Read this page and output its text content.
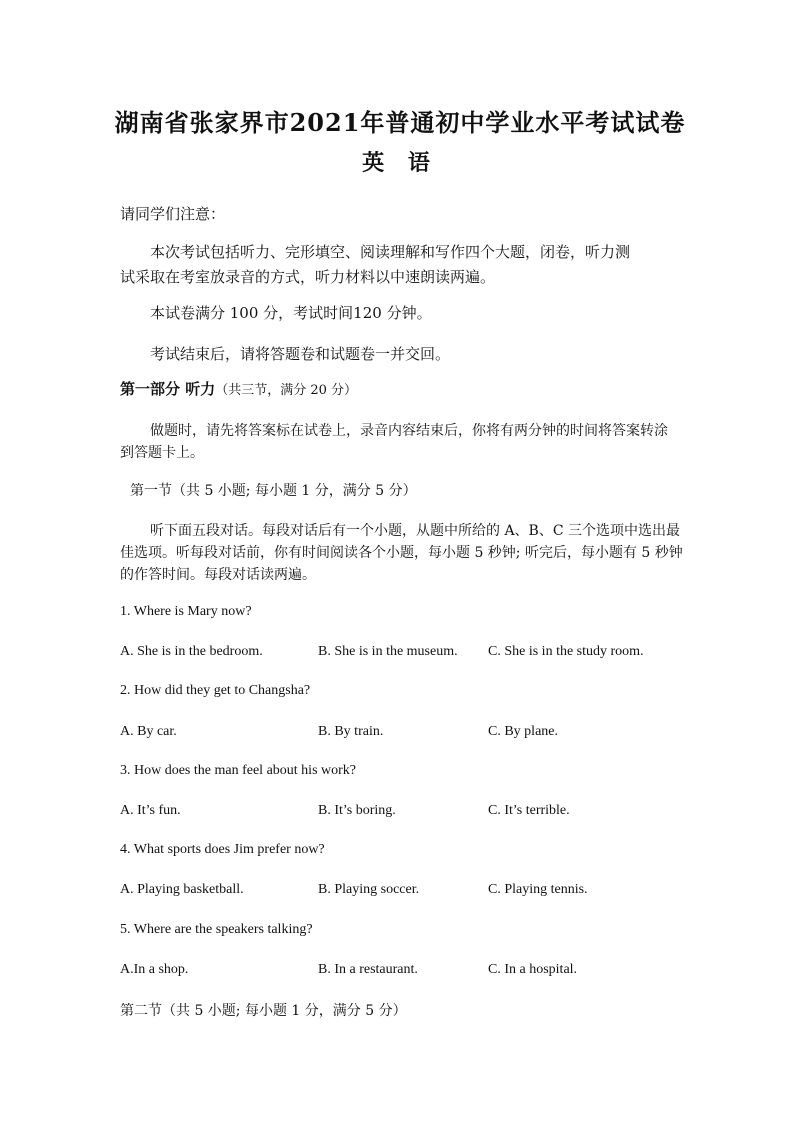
湖南省张家界市2021年普通初中学业水平考试试卷
英 语

请同学们注意：

本次考试包括听力、完形填空、阅读理解和写作四个大题，闭卷，听力测

试采取在考室放录音的方式，听力材料以中速朗读两遍。

本试卷满分 100 分，考试时间120 分钟。

考试结束后，请将答题卷和试题卷一并交回。

第一部分 听力（共三节，满分 20 分）

做题时，请先将答案标在试卷上，录音内容结束后，你将有两分钟的时间将答案转涂

到答题卡上。

第一节（共 5 小题; 每小题 1 分，满分 5 分）

听下面五段对话。每段对话后有一个小题，从题中所给的 A、B、C 三个选项中选出最

佳选项。听每段对话前，你有时间阅读各个小题，每小题 5 秒钟; 听完后，每小题有 5 秒钟

的作答时间。每段对话读两遍。

1. Where is Mary now?

A. She is in the bedroom.	B. She is in the museum. C. She is in the study room.

2. How did they get to Changsha?

A. By car.	B. By train.	C. By plane.

3. How does the man feel about his work?

A. It’s fun.	B. It’s boring.	C. It’s terrible.

4. What sports does Jim prefer now?

A. Playing basketball.	B. Playing soccer.	C. Playing tennis.

5. Where are the speakers talking?

A.In a shop.	B. In a restaurant.	C. In a hospital.

第二节（共 5 小题; 每小题 1 分，满分 5 分）
